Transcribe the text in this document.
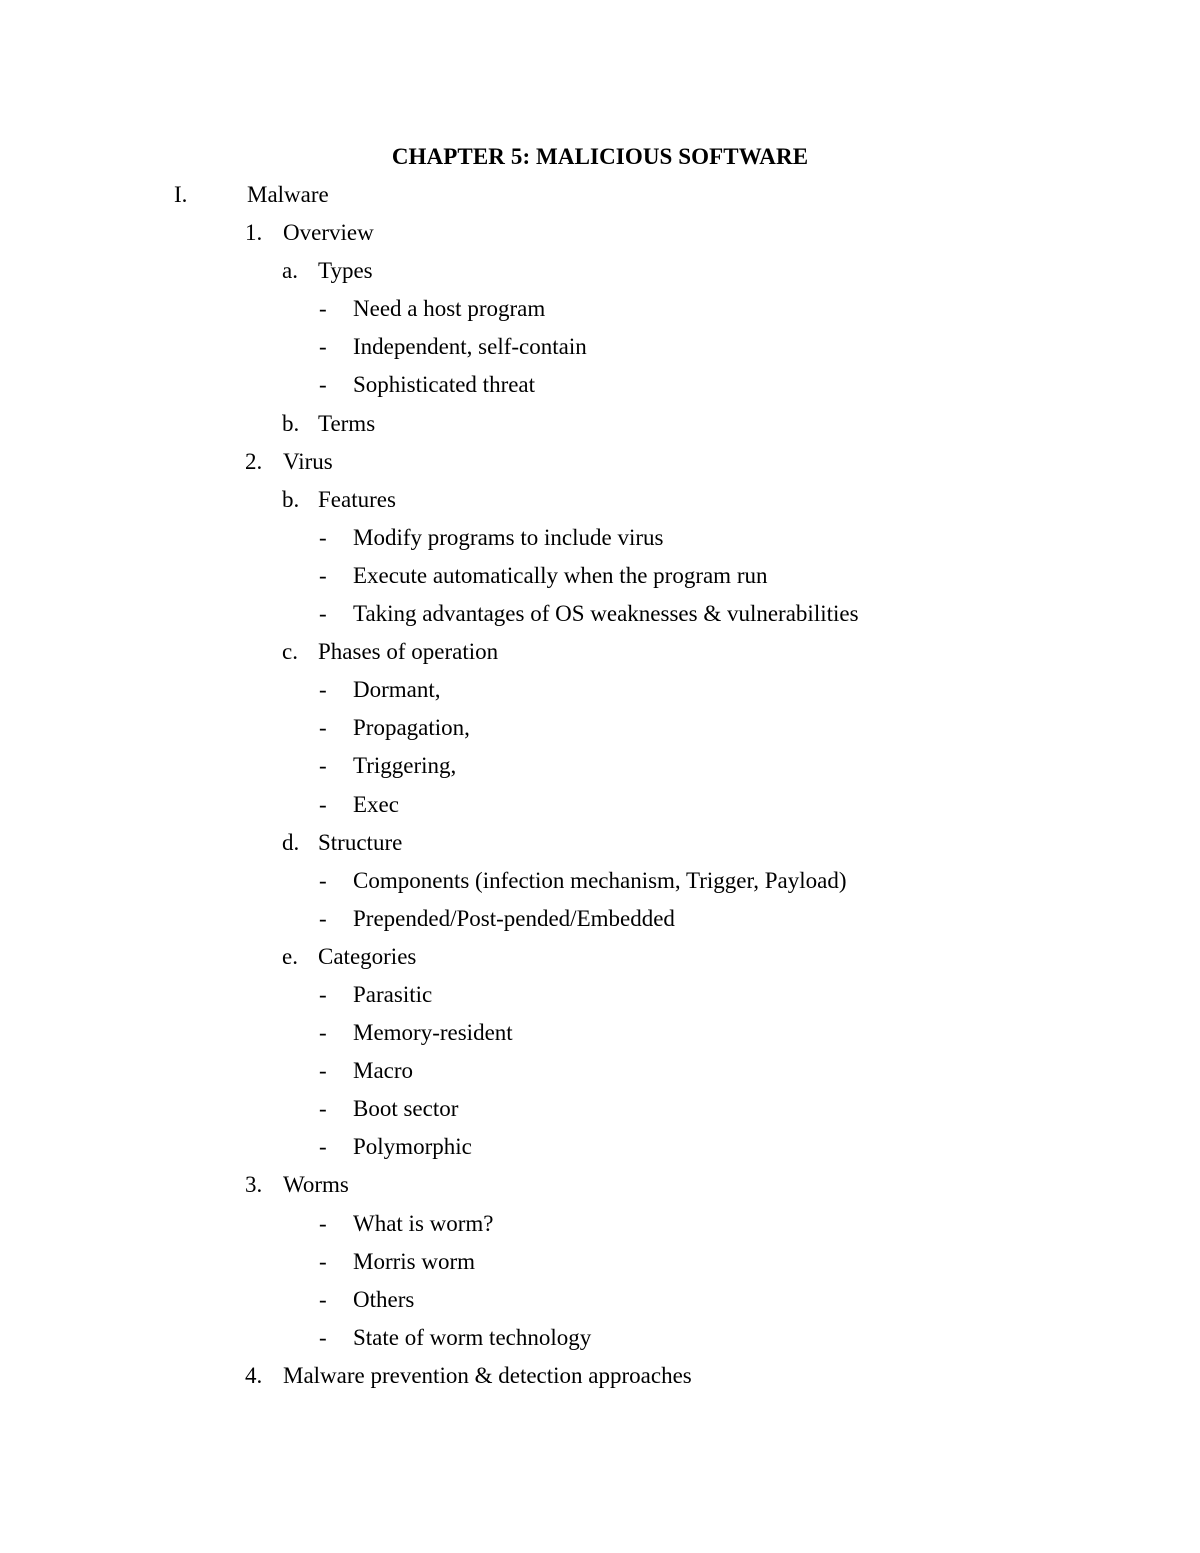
CHAPTER 5: MALICIOUS SOFTWARE
I.	Malware
1. Overview
a. Types
- Need a host program
- Independent, self-contain
- Sophisticated threat
b. Terms
2. Virus
b. Features
- Modify programs to include virus
- Execute automatically when the program run
- Taking advantages of OS weaknesses & vulnerabilities
c. Phases of operation
- Dormant,
- Propagation,
- Triggering,
- Exec
d. Structure
- Components (infection mechanism, Trigger, Payload)
- Prepended/Post-pended/Embedded
e. Categories
- Parasitic
- Memory-resident
- Macro
- Boot sector
- Polymorphic
3. Worms
- What is worm?
- Morris worm
- Others
- State of worm technology
4. Malware prevention & detection approaches
